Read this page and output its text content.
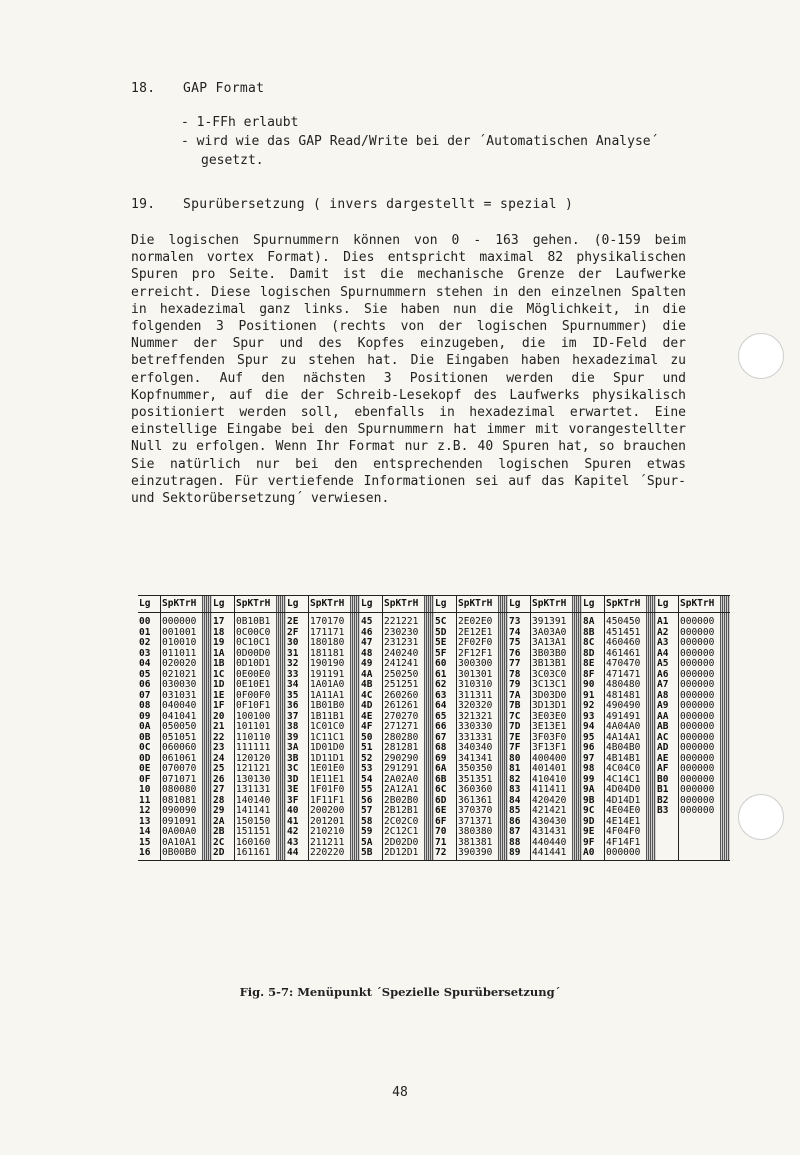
18. GAP Format
- 1-FFh erlaubt
- wird wie das GAP Read/Write bei der ´Automatischen Analyse´ gesetzt.
19. Spurübersetzung ( invers dargestellt = spezial )

Die logischen Spurnummern können von 0 - 163 gehen. (0-159 beim normalen vortex Format). Dies entspricht maximal 82 physikalischen Spuren pro Seite. Damit ist die mechanische Grenze der Laufwerke erreicht. Diese logischen Spurnummern stehen in den einzelnen Spalten in hexadezimal ganz links. Sie haben nun die Möglichkeit, in die folgenden 3 Positionen (rechts von der logischen Spurnummer) die Nummer der Spur und des Kopfes einzugeben, die im ID-Feld der betreffenden Spur zu stehen hat. Die Eingaben haben hexadezimal zu erfolgen. Auf den nächsten 3 Positionen werden die Spur und Kopfnummer, auf die der Schreib-Lesekopf des Laufwerks physikalisch positioniert werden soll, ebenfalls in hexadezimal erwartet. Eine einstellige Eingabe bei den Spurnummern hat immer mit vorangestellter Null zu erfolgen. Wenn Ihr Format nur z.B. 40 Spuren hat, so brauchen Sie natürlich nur bei den entsprechenden logischen Spuren etwas einzutragen. Für vertiefende Informationen sei auf das Kapitel ´Spur- und Sektorübersetzung´ verwiesen.

Lg	SpKTrH		Lg	SpKTrH		Lg	SpKTrH		Lg	SpKTrH		Lg	SpKTrH		Lg	SpKTrH		Lg	SpKTrH		Lg	SpKTrH	
00	000000		17	0B10B1		2E	170170		45	221221		5C	2E02E0		73	391391		8A	450450		A1	000000	
01	001001		18	0C00C0		2F	171171		46	230230		5D	2E12E1		74	3A03A0		8B	451451		A2	000000	
02	010010		19	0C10C1		30	180180		47	231231		5E	2F02F0		75	3A13A1		8C	460460		A3	000000	
03	011011		1A	0D00D0		31	181181		48	240240		5F	2F12F1		76	3B03B0		8D	461461		A4	000000	
04	020020		1B	0D10D1		32	190190		49	241241		60	300300		77	3B13B1		8E	470470		A5	000000	
05	021021		1C	0E00E0		33	191191		4A	250250		61	301301		78	3C03C0		8F	471471		A6	000000	
06	030030		1D	0E10E1		34	1A01A0		4B	251251		62	310310		79	3C13C1		90	480480		A7	000000	
07	031031		1E	0F00F0		35	1A11A1		4C	260260		63	311311		7A	3D03D0		91	481481		A8	000000	
08	040040		1F	0F10F1		36	1B01B0		4D	261261		64	320320		7B	3D13D1		92	490490		A9	000000	
09	041041		20	100100		37	1B11B1		4E	270270		65	321321		7C	3E03E0		93	491491		AA	000000	
0A	050050		21	101101		38	1C01C0		4F	271271		66	330330		7D	3E13E1		94	4A04A0		AB	000000	
0B	051051		22	110110		39	1C11C1		50	280280		67	331331		7E	3F03F0		95	4A14A1		AC	000000	
0C	060060		23	111111		3A	1D01D0		51	281281		68	340340		7F	3F13F1		96	4B04B0		AD	000000	
0D	061061		24	120120		3B	1D11D1		52	290290		69	341341		80	400400		97	4B14B1		AE	000000	
0E	070070		25	121121		3C	1E01E0		53	291291		6A	350350		81	401401		98	4C04C0		AF	000000	
0F	071071		26	130130		3D	1E11E1		54	2A02A0		6B	351351		82	410410		99	4C14C1		B0	000000	
10	080080		27	131131		3E	1F01F0		55	2A12A1		6C	360360		83	411411		9A	4D04D0		B1	000000	
11	081081		28	140140		3F	1F11F1		56	2B02B0		6D	361361		84	420420		9B	4D14D1		B2	000000	
12	090090		29	141141		40	200200		57	2B12B1		6E	370370		85	421421		9C	4E04E0		B3	000000	
13	091091		2A	150150		41	201201		58	2C02C0		6F	371371		86	430430		9D	4E14E1				
14	0A00A0		2B	151151		42	210210		59	2C12C1		70	380380		87	431431		9E	4F04F0				
15	0A10A1		2C	160160		43	211211		5A	2D02D0		71	381381		88	440440		9F	4F14F1				
16	0B00B0		2D	161161		44	220220		5B	2D12D1		72	390390		89	441441		A0	000000				
Fig. 5-7: Menüpunkt ´Spezielle Spurübersetzung´
48
